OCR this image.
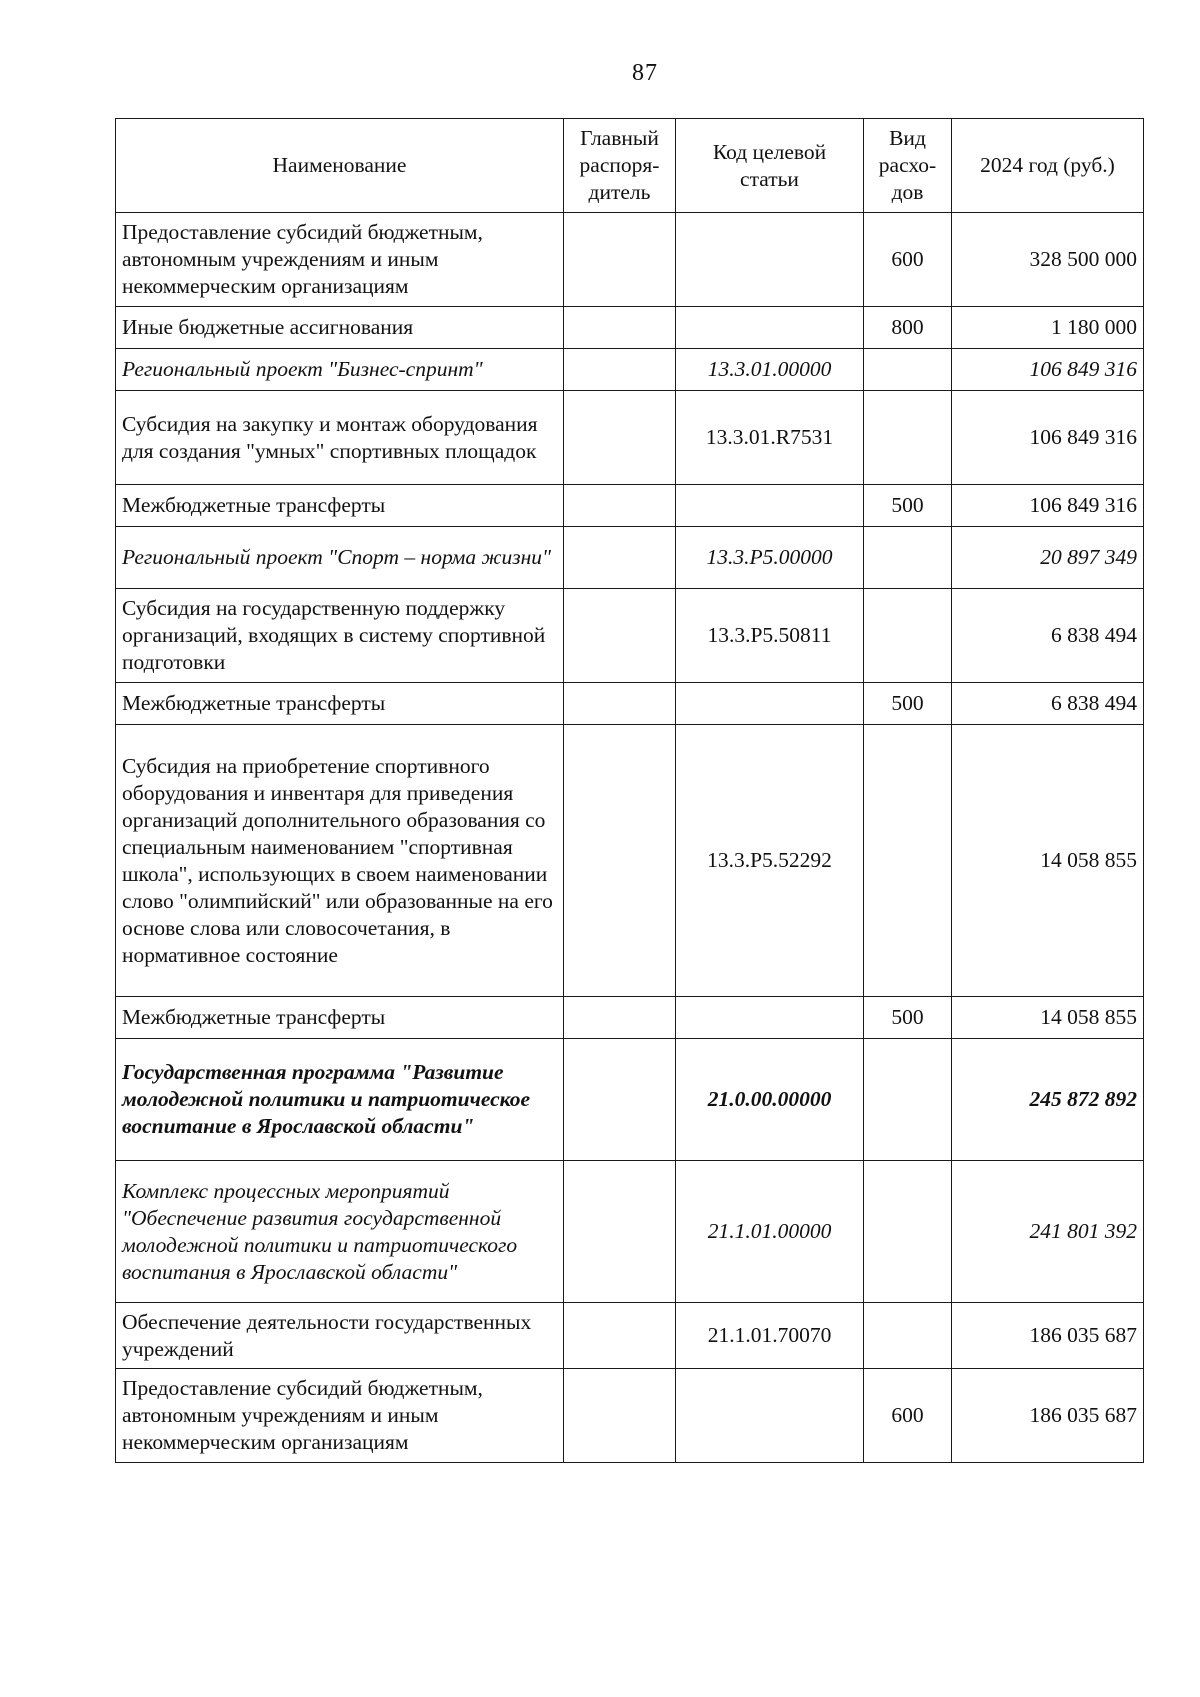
87
Наименование	Главный распоря-дитель	Код целевой статьи	Вид расхо-дов	2024 год (руб.)
Предоставление субсидий бюджетным, автономным учреждениям и иным некоммерческим организациям			600	328 500 000
Иные бюджетные ассигнования			800	1 180 000
Региональный проект "Бизнес-спринт"		13.3.01.00000		106 849 316
Субсидия на закупку и монтаж оборудования для создания "умных" спортивных площадок		13.3.01.R7531		106 849 316
Межбюджетные трансферты			500	106 849 316
Региональный проект "Спорт – норма жизни"		13.3.P5.00000		20 897 349
Субсидия на государственную поддержку организаций, входящих в систему спортивной подготовки		13.3.P5.50811		6 838 494
Межбюджетные трансферты			500	6 838 494
Субсидия на приобретение спортивного оборудования и инвентаря для приведения организаций дополнительного образования со специальным наименованием "спортивная школа", использующих в своем наименовании слово "олимпийский" или образованные на его основе слова или словосочетания, в нормативное состояние		13.3.P5.52292		14 058 855
Межбюджетные трансферты			500	14 058 855
Государственная программа "Развитие молодежной политики и патриотическое воспитание в Ярославской области"		21.0.00.00000		245 872 892
Комплекс процессных мероприятий "Обеспечение развития государственной молодежной политики и патриотического воспитания в Ярославской области"		21.1.01.00000		241 801 392
Обеспечение деятельности государственных учреждений		21.1.01.70070		186 035 687
Предоставление субсидий бюджетным, автономным учреждениям и иным некоммерческим организациям			600	186 035 687
